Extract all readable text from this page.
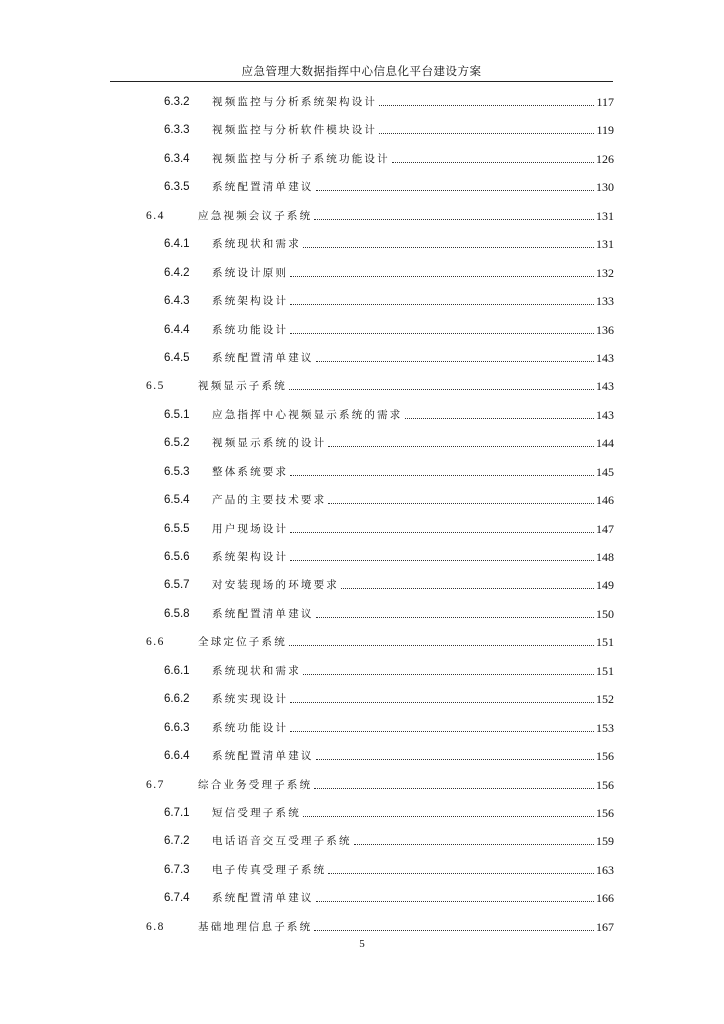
应急管理大数据指挥中心信息化平台建设方案
6.3.2 视频监控与分析系统架构设计	117
6.3.3 视频监控与分析软件模块设计	119
6.3.4 视频监控与分析子系统功能设计	126
6.3.5 系统配置清单建议	130
6.4	应急视频会议子系统	131
6.4.1 系统现状和需求	131
6.4.2 系统设计原则	132
6.4.3 系统架构设计	133
6.4.4 系统功能设计	136
6.4.5 系统配置清单建议	143
6.5	视频显示子系统	143
6.5.1 应急指挥中心视频显示系统的需求	143
6.5.2 视频显示系统的设计	144
6.5.3 整体系统要求	145
6.5.4 产品的主要技术要求	146
6.5.5 用户现场设计	147
6.5.6 系统架构设计	148
6.5.7 对安装现场的环境要求	149
6.5.8 系统配置清单建议	150
6.6	全球定位子系统	151
6.6.1 系统现状和需求	151
6.6.2 系统实现设计	152
6.6.3 系统功能设计	153
6.6.4 系统配置清单建议	156
6.7	综合业务受理子系统	156
6.7.1 短信受理子系统	156
6.7.2 电话语音交互受理子系统	159
6.7.3 电子传真受理子系统	163
6.7.4 系统配置清单建议	166
6.8	基础地理信息子系统	167
5
